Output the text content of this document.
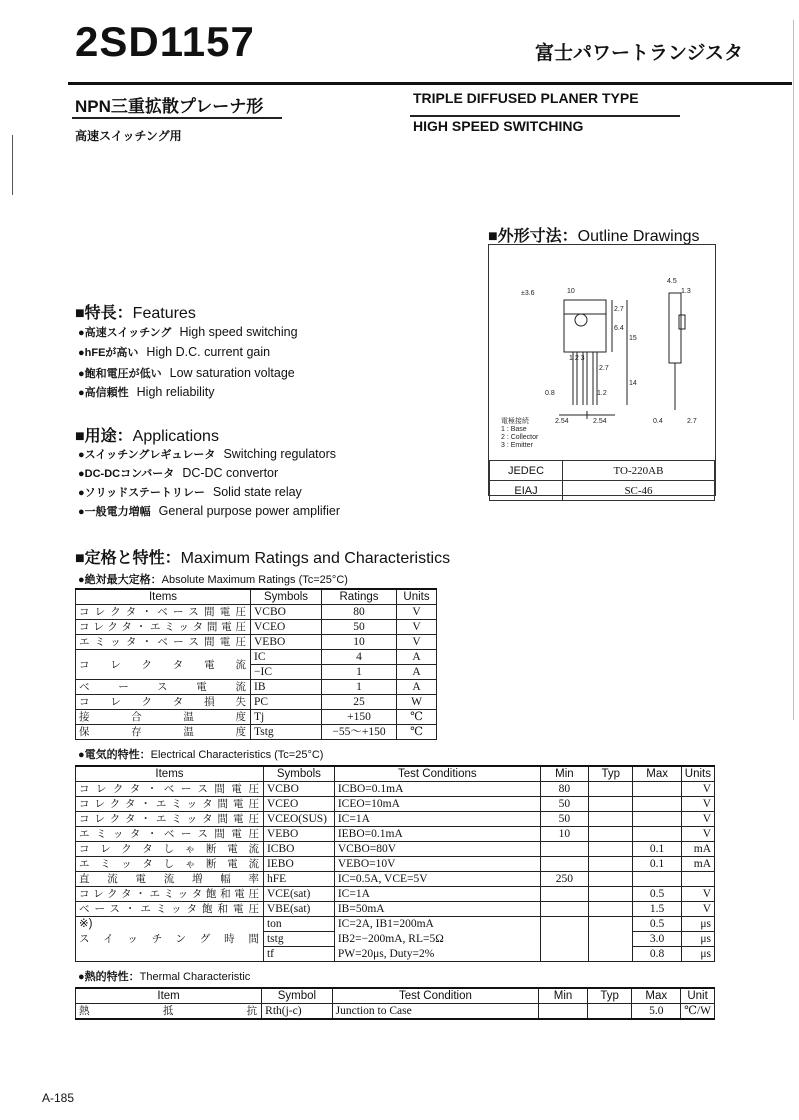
2SD1157	富士パワートランジスタ
NPN三重拡散プレーナ形	TRIPLE DIFFUSED PLANER TYPE
高速スイッチング用
HIGH SPEED SWITCHING
■外形寸法：Outline Drawings
±3.6	10
4.5
1.3
2.7
6.4
15
2.7
14
0.8	1.2
2.54	2.54	0.4	2.7
1 2 3
電極接続
1 : Base
2 : Collector
3 : Emitter
JEDEC	TO-220AB
EIAJ	SC-46
■特長：Features
●高速スイッチング High speed switching
●hFEが高い High D.C. current gain
●飽和電圧が低い Low saturation voltage
●高信頼性 High reliability
■用途：Applications
●スイッチングレギュレータ Switching regulators
●DC-DCコンバータ DC-DC convertor
●ソリッドステートリレー Solid state relay
●一般電力増幅 General purpose power amplifier
■定格と特性：Maximum Ratings and Characteristics
●絶対最大定格：Absolute Maximum Ratings (Tc=25°C)
Items	Symbols	Ratings	Units
コレクタ・ベース間電圧	VCBO	80	V
コレクタ・エミッタ間電圧	VCEO	50	V
エミッタ・ベース間電圧	VEBO	10	V
コレクタ電流	IC	4	A
	−IC	1	A
ベース電流	IB	1	A
コレクタ損失	PC	25	W
接合温度	Tj	+150	℃
保存温度	Tstg	−55～+150	℃
●電気的特性：Electrical Characteristics (Tc=25°C)
Items	Symbols	Test Conditions	Min	Typ	Max	Units
コレクタ・ベース間電圧	VCBO	ICBO=0.1mA	80			V
コレクタ・エミッタ間電圧	VCEO	ICEO=10mA	50			V
コレクタ・エミッタ間電圧	VCEO(SUS)	IC=1A	50			V
エミッタ・ベース間電圧	VEBO	IEBO=0.1mA	10			V
コレクタしゃ断電流	ICBO	VCBO=80V			0.1	mA
エミッタしゃ断電流	IEBO	VEBO=10V			0.1	mA
直流電流増幅率	hFE	IC=0.5A, VCE=5V	250			
コレクタ・エミッタ飽和電圧	VCE(sat)	IC=1A			0.5	V
ベース・エミッタ飽和電圧	VBE(sat)	IB=50mA			1.5	V
※)	ton	IC=2A, IB1=200mA			0.5	μs
スイッチング時間	tstg	IB2=−200mA, RL=5Ω			3.0	μs
	tf	PW=20μs, Duty=2%			0.8	μs
●熱的特性：Thermal Characteristic
Item	Symbol	Test Condition	Min	Typ	Max	Unit
熱抵抗	Rth(j-c)	Junction to Case			5.0	℃/W
A-185
